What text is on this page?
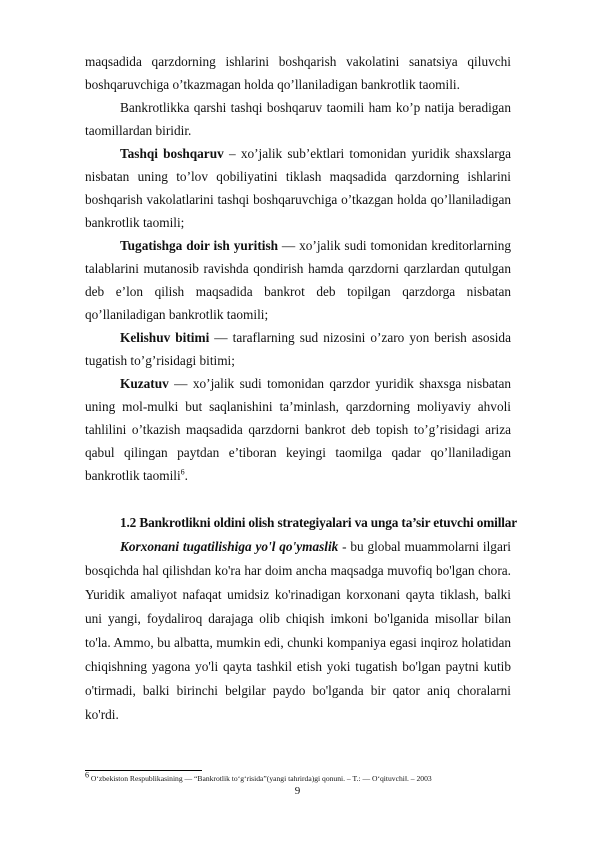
maqsadida qarzdorning ishlarini boshqarish vakolatini sanatsiya qiluvchi boshqaruvchiga o’tkazmagan holda qo’llaniladigan bankrotlik taomili.

Bankrotlikka qarshi tashqi boshqaruv taomili ham ko’p natija beradigan taomillardan biridir.

Tashqi boshqaruv – xo’jalik sub’ektlari tomonidan yuridik shaxslarga nisbatan uning to’lov qobiliyatini tiklash maqsadida qarzdorning ishlarini boshqarish vakolatlarini tashqi boshqaruvchiga o’tkazgan holda qo’llaniladigan bankrotlik taomili;

Tugatishga doir ish yuritish — xo’jalik sudi tomonidan kreditorlarning talablarini mutanosib ravishda qondirish hamda qarzdorni qarzlardan qutulgan deb e’lon qilish maqsadida bankrot deb topilgan qarzdorga nisbatan qo’llaniladigan bankrotlik taomili;

Kelishuv bitimi — taraflarning sud nizosini o’zaro yon berish asosida tugatish to’g’risidagi bitimi;

Kuzatuv — xo’jalik sudi tomonidan qarzdor yuridik shaxsga nisbatan uning mol-mulki but saqlanishini ta’minlash, qarzdorning moliyaviy ahvoli tahlilini o’tkazish maqsadida qarzdorni bankrot deb topish to’g’risidagi ariza qabul qilingan paytdan e’tiboran keyingi taomilga qadar qo’llaniladigan bankrotlik taomili$^6$.

1.2 Bankrotlikni oldini olish strategiyalari va unga ta’sir etuvchi omillar

Korxonani tugatilishiga yo'l qo'ymaslik - bu global muammolarni ilgari bosqichda hal qilishdan ko'ra har doim ancha maqsadga muvofiq bo'lgan chora. Yuridik amaliyot nafaqat umidsiz ko'rinadigan korxonani qayta tiklash, balki uni yangi, foydaliroq darajaga olib chiqish imkoni bo'lganida misollar bilan to'la. Ammo, bu albatta, mumkin edi, chunki kompaniya egasi inqiroz holatidan chiqishning yagona yo'li qayta tashkil etish yoki tugatish bo'lgan paytni kutib o'tirmadi, balki birinchi belgilar paydo bo'lganda bir qator aniq choralarni ko'rdi.

$^6$ O‘zbekiston Respublikasining — “Bankrotlik to‘g‘risida”(yangi tahrirda)gi qonuni. – T.: — O‘qituvchi‖. – 2003
9
